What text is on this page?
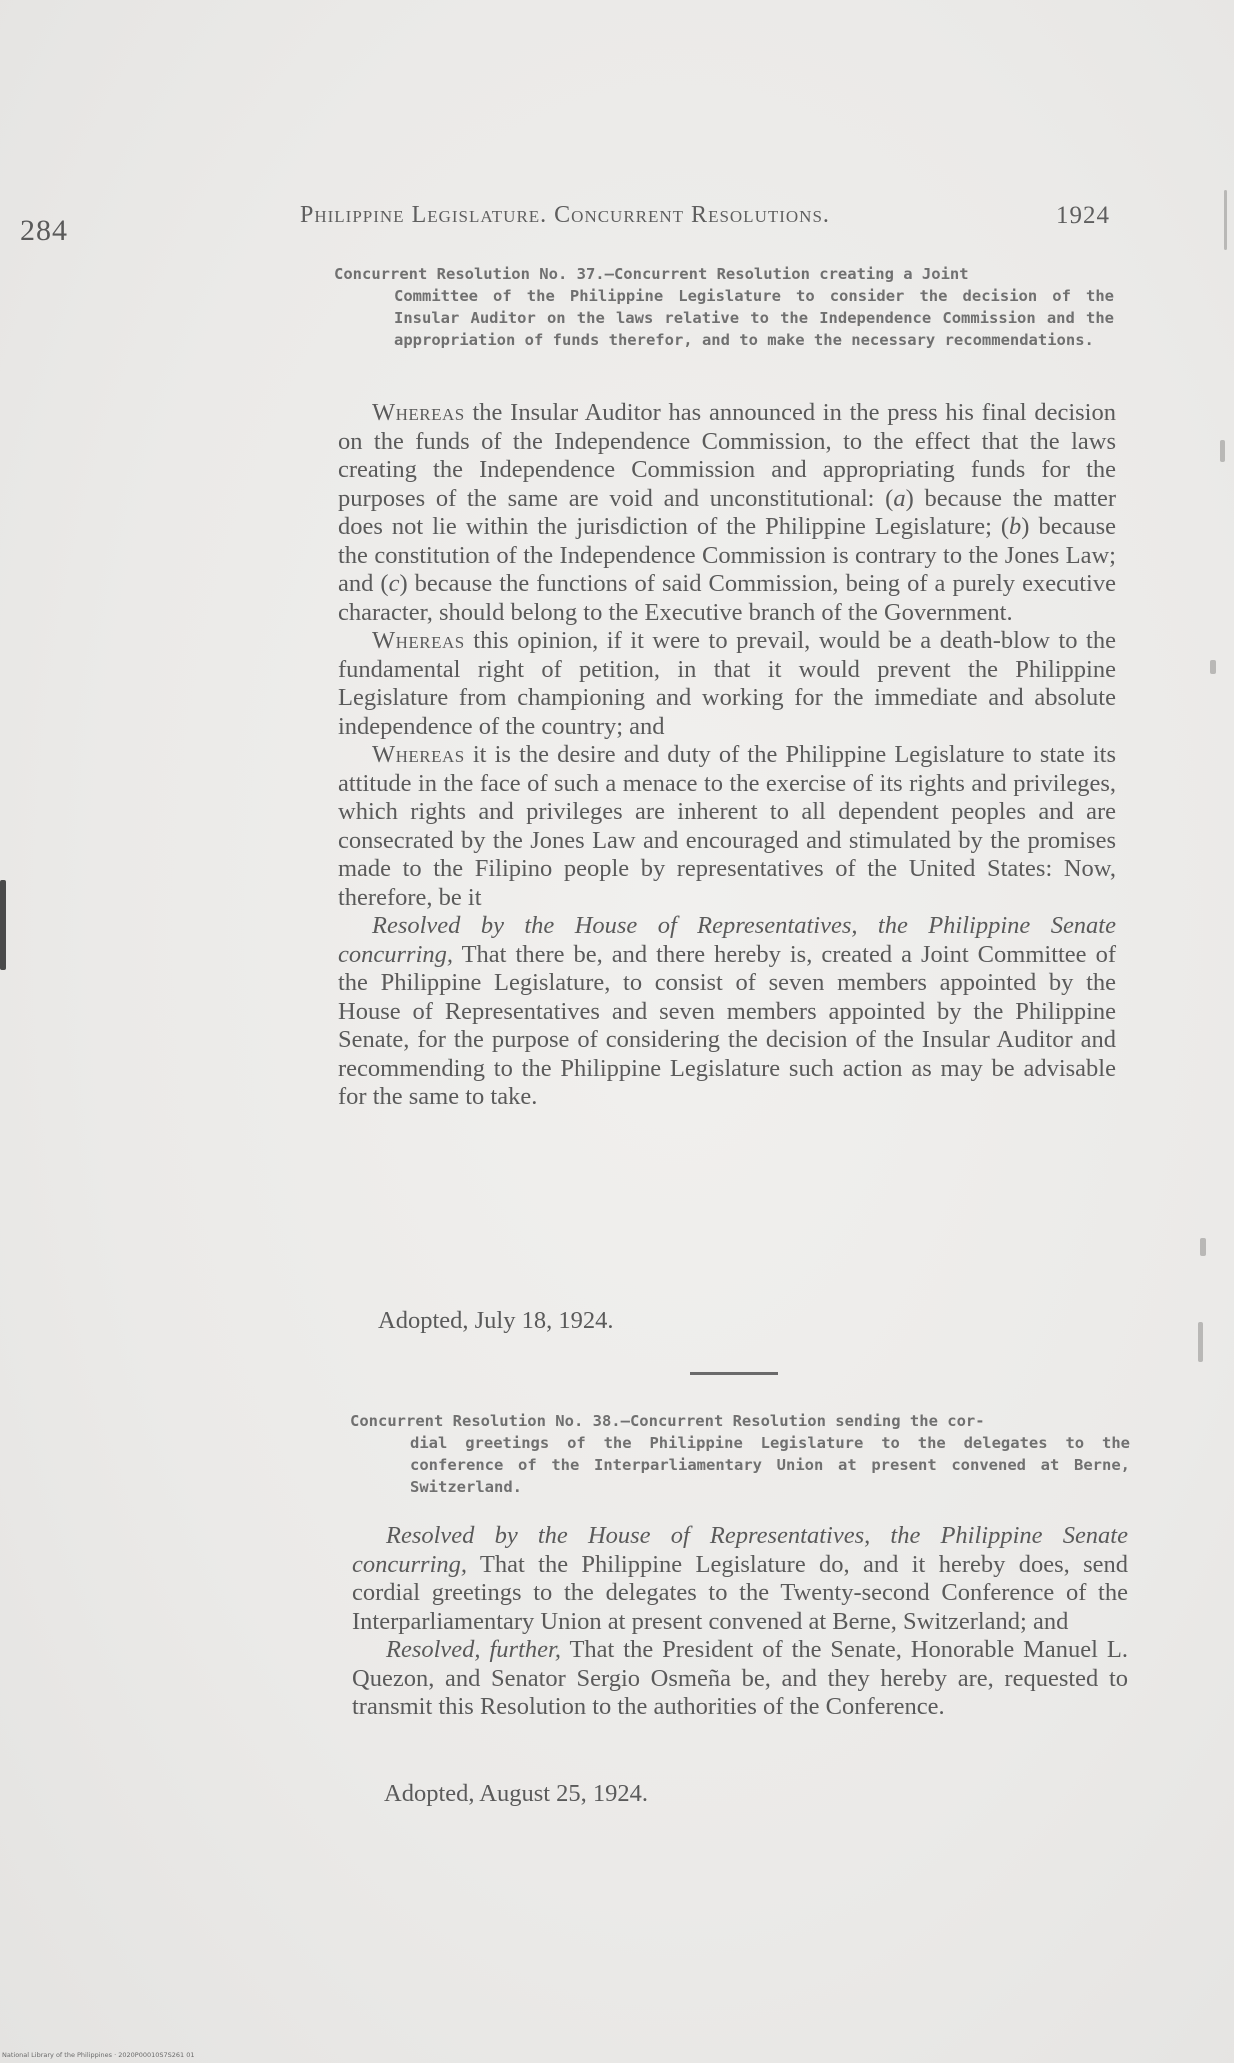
284	Philippine Legislature. Concurrent Resolutions.	1924
Concurrent Resolution No. 37.—Concurrent Resolution creating a Joint
Committee of the Philippine Legislature to consider the decision of the Insular Auditor on the laws relative to the Independence Commission and the appropriation of funds therefor, and to make the necessary recommendations.

Whereas the Insular Auditor has announced in the press his final decision on the funds of the Independence Commission, to the effect that the laws creating the Independence Commission and appropriating funds for the purposes of the same are void and unconstitutional: (a) because the matter does not lie within the jurisdiction of the Philippine Legislature; (b) because the constitution of the Independence Commission is contrary to the Jones Law; and (c) because the functions of said Commission, being of a purely executive character, should belong to the Executive branch of the Government.

Whereas this opinion, if it were to prevail, would be a death-blow to the fundamental right of petition, in that it would prevent the Philippine Legislature from championing and working for the immediate and absolute independence of the country; and

Whereas it is the desire and duty of the Philippine Legislature to state its attitude in the face of such a menace to the exercise of its rights and privileges, which rights and privileges are inherent to all dependent peoples and are consecrated by the Jones Law and encouraged and stimulated by the promises made to the Filipino people by representatives of the United States: Now, therefore, be it

Resolved by the House of Representatives, the Philippine Senate concurring, That there be, and there hereby is, created a Joint Committee of the Philippine Legislature, to consist of seven members appointed by the House of Representatives and seven members appointed by the Philippine Senate, for the purpose of considering the decision of the Insular Auditor and recommending to the Philippine Legislature such action as may be advisable for the same to take.

Adopted, July 18, 1924.
Concurrent Resolution No. 38.—Concurrent Resolution sending the cor-
dial greetings of the Philippine Legislature to the delegates to the conference of the Interparliamentary Union at present convened at Berne, Switzerland.

Resolved by the House of Representatives, the Philippine Senate concurring, That the Philippine Legislature do, and it hereby does, send cordial greetings to the delegates to the Twenty-second Conference of the Interparliamentary Union at present convened at Berne, Switzerland; and

Resolved, further, That the President of the Senate, Honorable Manuel L. Quezon, and Senator Sergio Osmeña be, and they hereby are, requested to transmit this Resolution to the authorities of the Conference.

Adopted, August 25, 1924.
National Library of the Philippines · 2020P00010S7S261 01
